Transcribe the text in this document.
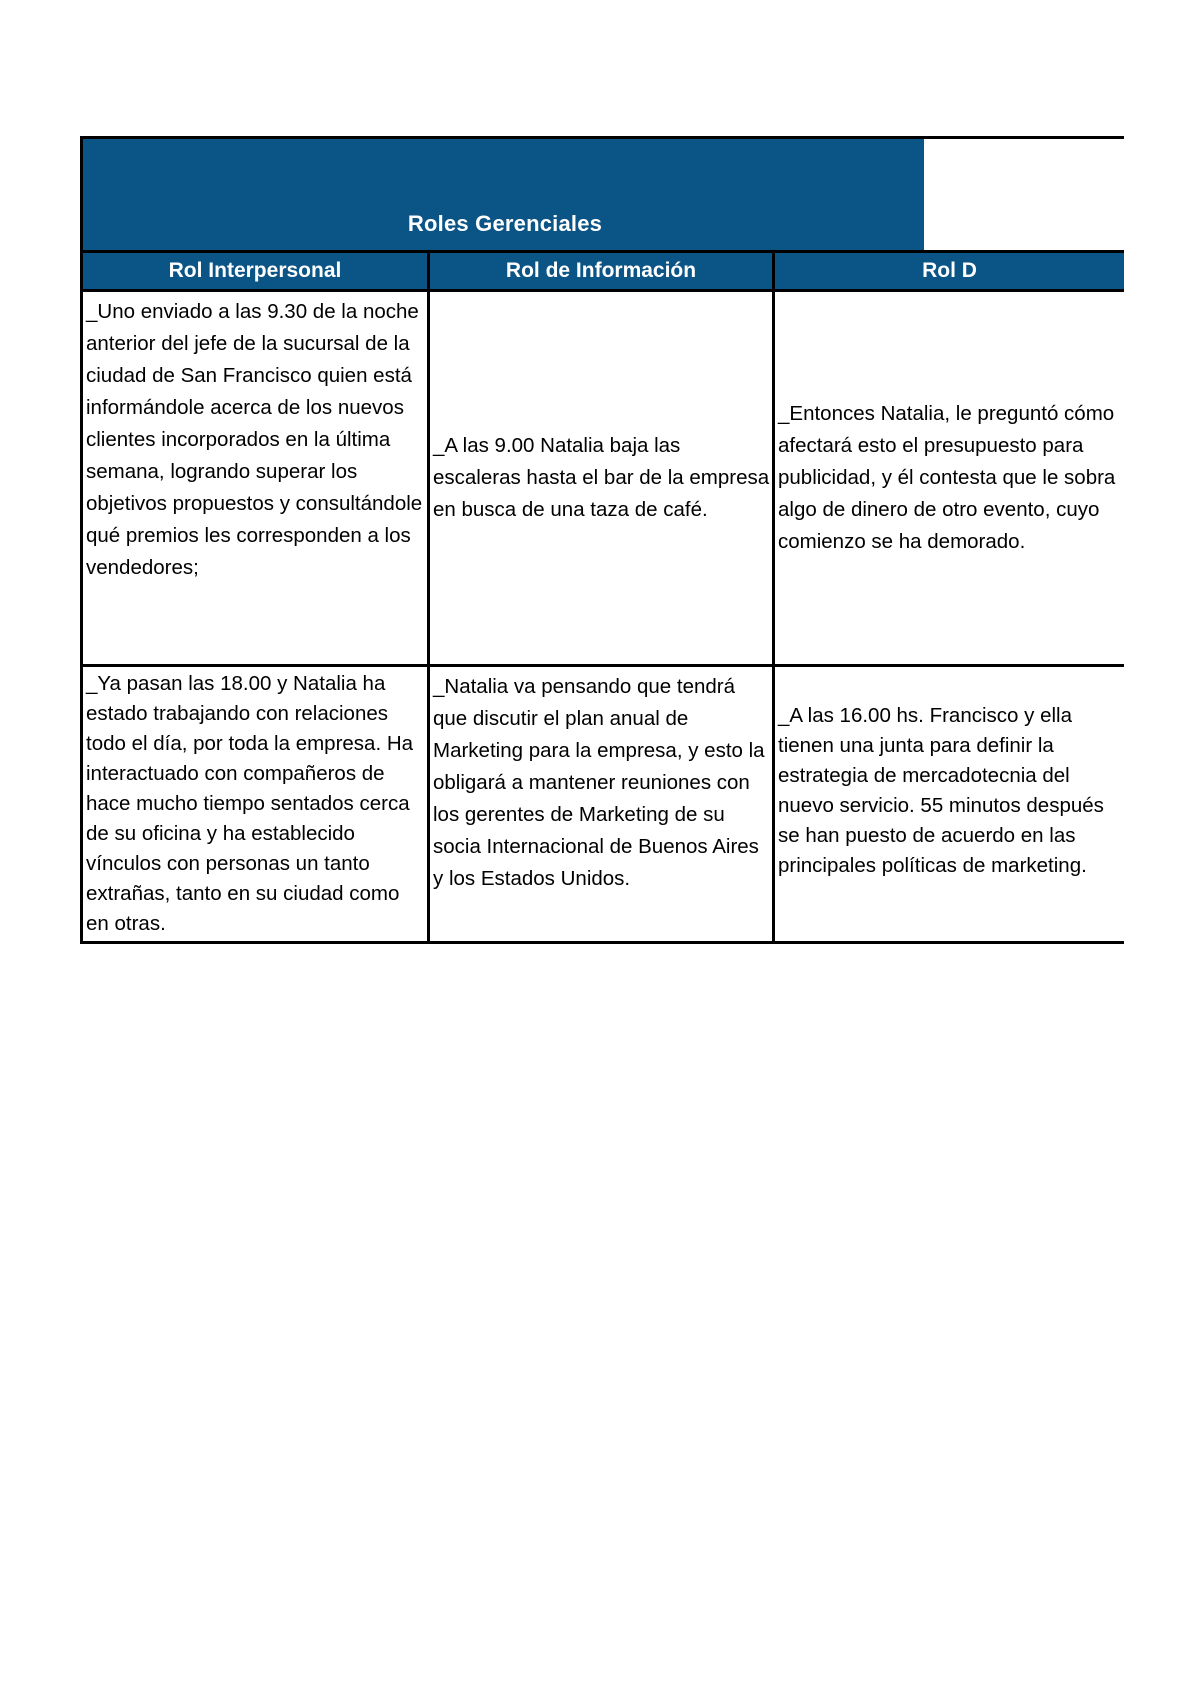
Roles Gerenciales
Rol Interpersonal	Rol de Información	Rol D
_Uno enviado a las 9.30 de la noche anterior del jefe de la sucursal de la ciudad de San Francisco quien está informándole acerca de los nuevos clientes incorporados en la última semana, logrando superar los objetivos propuestos y consultándole qué premios les corresponden a los vendedores;
_A las 9.00 Natalia baja las escaleras hasta el bar de la empresa en busca de una taza de café.
_Entonces Natalia, le preguntó cómo afectará esto el presupuesto para publicidad, y él contesta que le sobra algo de dinero de otro evento, cuyo comienzo se ha demorado.
_Ya pasan las 18.00 y Natalia ha estado trabajando con relaciones todo el día, por toda la empresa. Ha interactuado con compañeros de hace mucho tiempo sentados cerca de su oficina y ha establecido vínculos con personas un tanto extrañas, tanto en su ciudad como en otras.
_Natalia va pensando que tendrá que discutir el plan anual de Marketing para la empresa, y esto la obligará a mantener reuniones con los gerentes de Marketing de su socia Internacional de Buenos Aires y los Estados Unidos.
_A las 16.00 hs. Francisco y ella tienen una junta para definir la estrategia de mercadotecnia del nuevo servicio. 55 minutos después se han puesto de acuerdo en las principales políticas de marketing.
